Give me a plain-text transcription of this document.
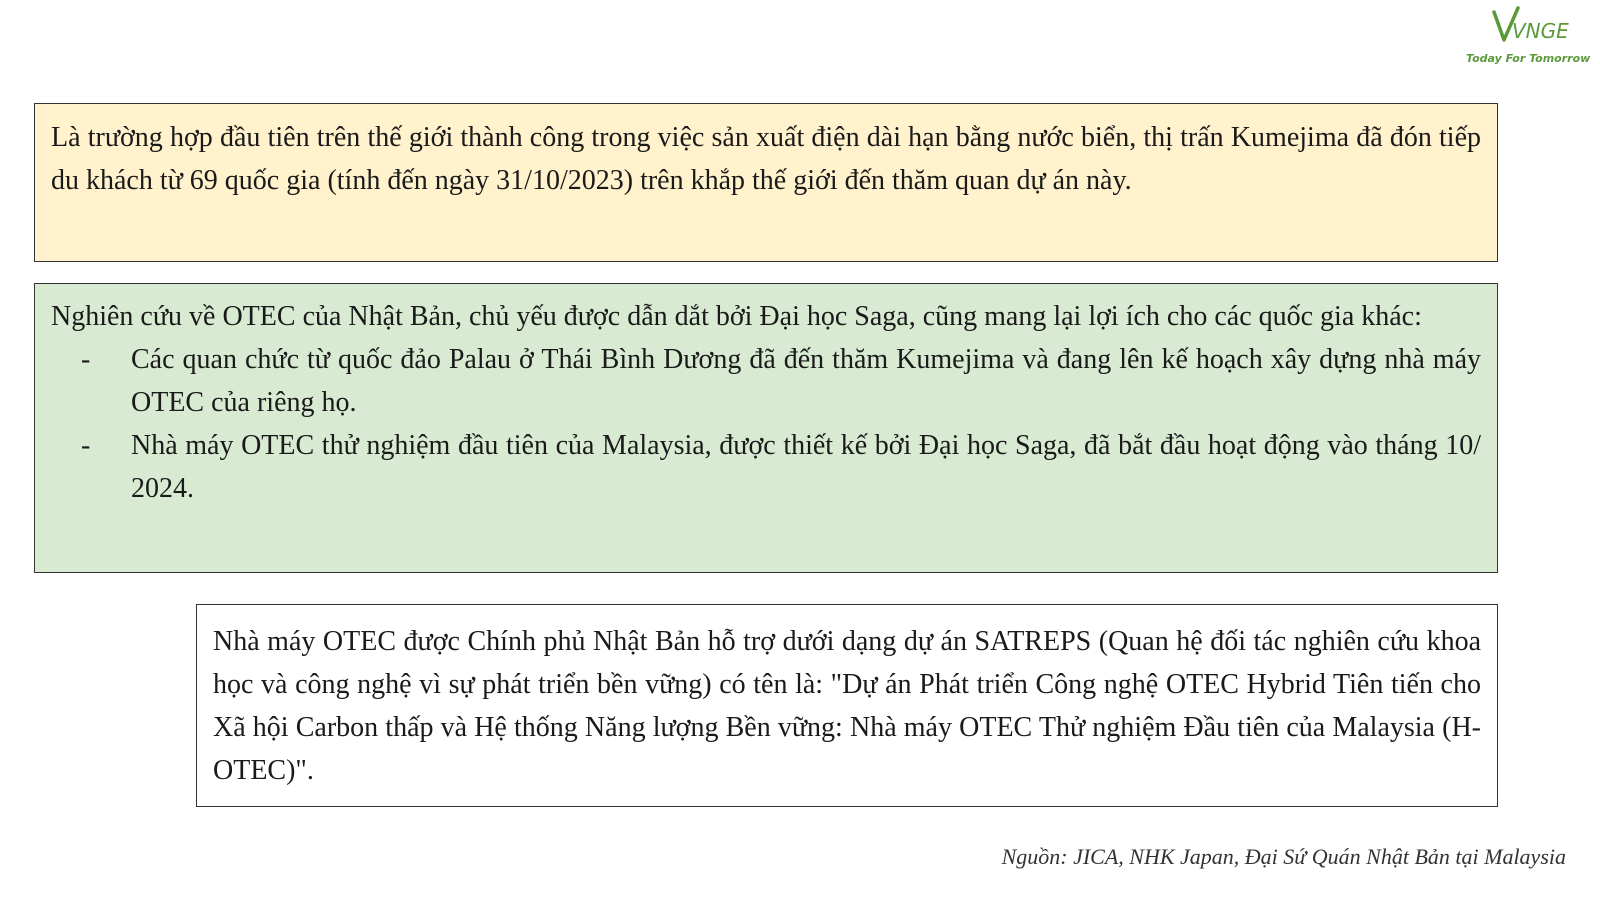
VNGE
Today For Tomorrow

Là trường hợp đầu tiên trên thế giới thành công trong việc sản xuất điện dài hạn bằng nước biển, thị trấn Kumejima đã đón tiếp du khách từ 69 quốc gia (tính đến ngày 31/10/2023) trên khắp thế giới đến thăm quan dự án này.

Nghiên cứu về OTEC của Nhật Bản, chủ yếu được dẫn dắt bởi Đại học Saga, cũng mang lại lợi ích cho các quốc gia khác:

- Các quan chức từ quốc đảo Palau ở Thái Bình Dương đã đến thăm Kumejima và đang lên kế hoạch xây dựng nhà máy OTEC của riêng họ.
- Nhà máy OTEC thử nghiệm đầu tiên của Malaysia, được thiết kế bởi Đại học Saga, đã bắt đầu hoạt động vào tháng 10/ 2024.

Nhà máy OTEC được Chính phủ Nhật Bản hỗ trợ dưới dạng dự án SATREPS (Quan hệ đối tác nghiên cứu khoa học và công nghệ vì sự phát triển bền vững) có tên là: "Dự án Phát triển Công nghệ OTEC Hybrid Tiên tiến cho Xã hội Carbon thấp và Hệ thống Năng lượng Bền vững: Nhà máy OTEC Thử nghiệm Đầu tiên của Malaysia (H-OTEC)".

Nguồn: JICA, NHK Japan, Đại Sứ Quán Nhật Bản tại Malaysia
